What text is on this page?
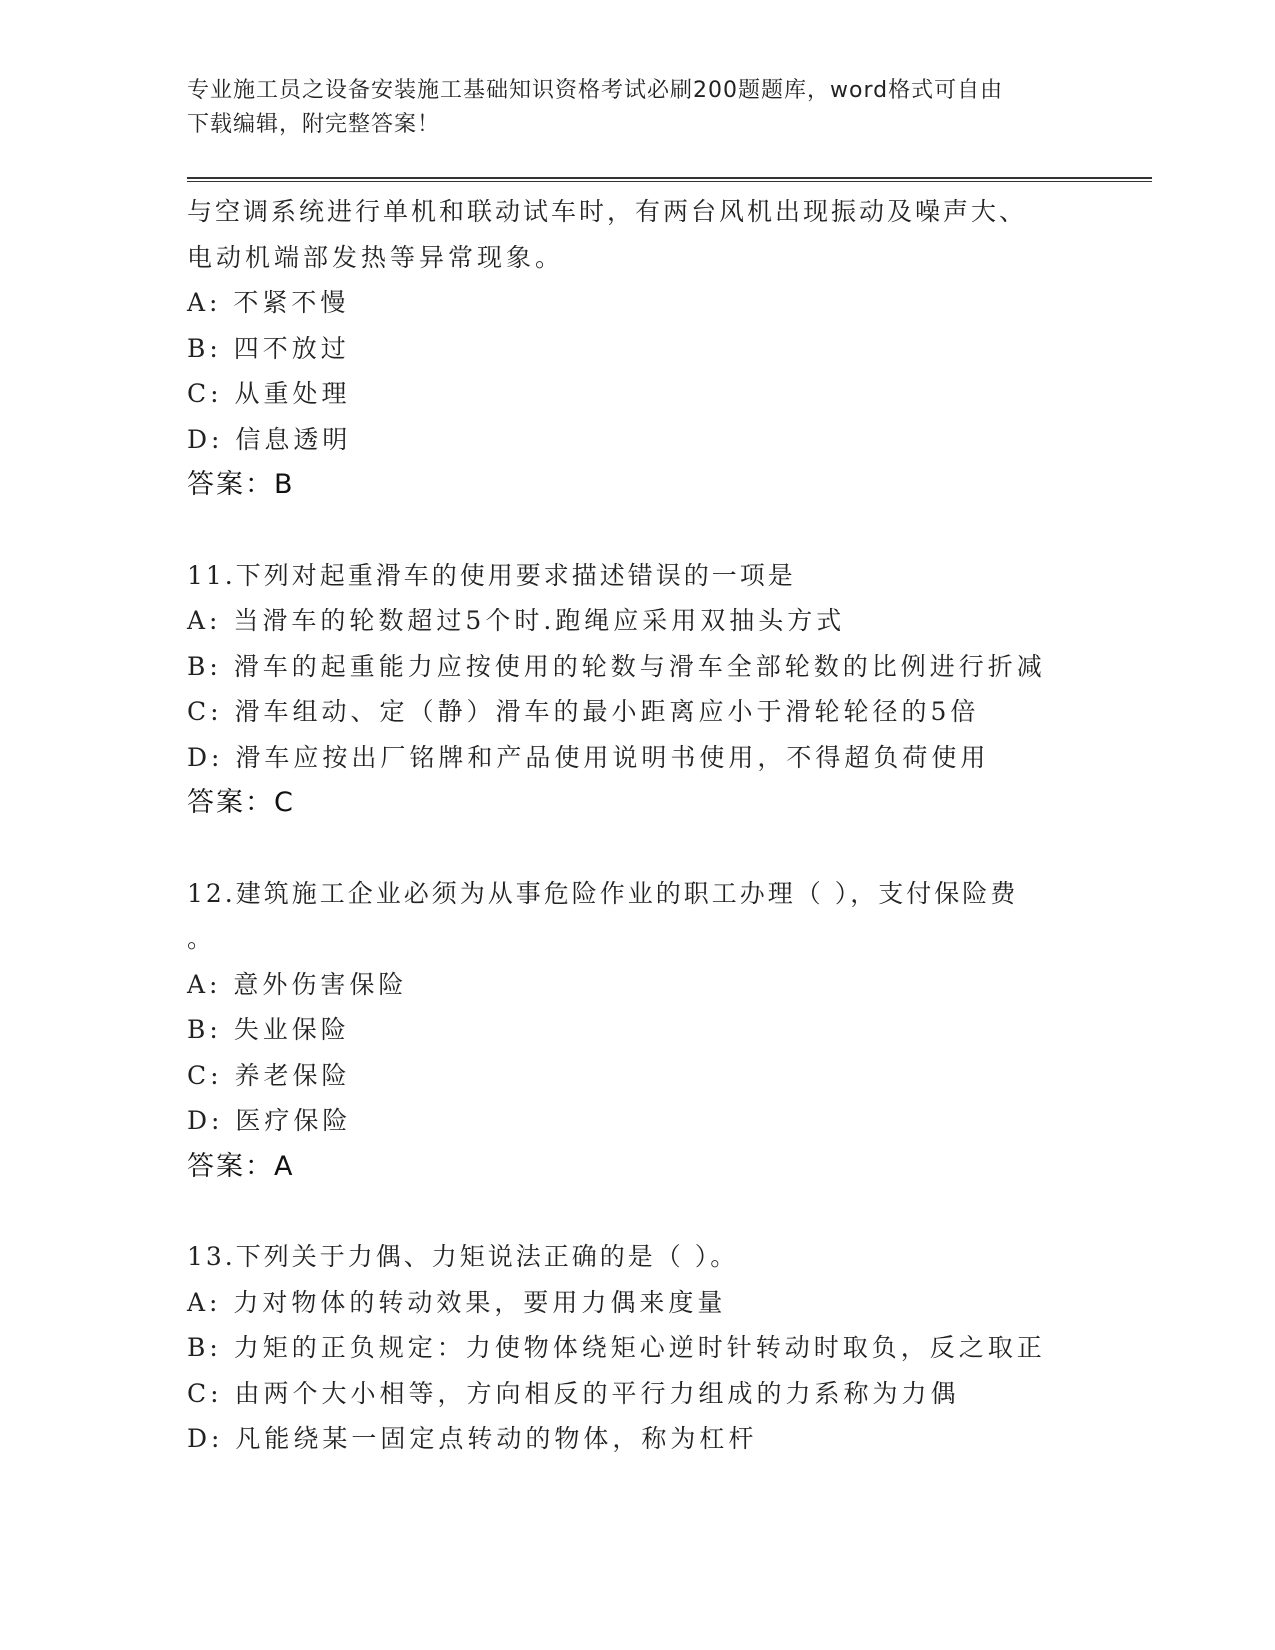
专业施工员之设备安装施工基础知识资格考试必刷200题题库，word格式可自由
下载编辑，附完整答案！
与空调系统进行单机和联动试车时，有两台风机出现振动及噪声大、
电动机端部发热等异常现象。
A: 不紧不慢
B: 四不放过
C: 从重处理
D: 信息透明
答案：B
11.下列对起重滑车的使用要求描述错误的一项是
A: 当滑车的轮数超过5个时.跑绳应采用双抽头方式
B: 滑车的起重能力应按使用的轮数与滑车全部轮数的比例进行折减
C: 滑车组动、定（静）滑车的最小距离应小于滑轮轮径的5倍
D: 滑车应按出厂铭牌和产品使用说明书使用，不得超负荷使用
答案：C
12.建筑施工企业必须为从事危险作业的职工办理（ ），支付保险费
。
A: 意外伤害保险
B: 失业保险
C: 养老保险
D: 医疗保险
答案：A
13.下列关于力偶、力矩说法正确的是（ ）。
A: 力对物体的转动效果，要用力偶来度量
B: 力矩的正负规定：力使物体绕矩心逆时针转动时取负，反之取正
C: 由两个大小相等，方向相反的平行力组成的力系称为力偶
D: 凡能绕某一固定点转动的物体，称为杠杆
